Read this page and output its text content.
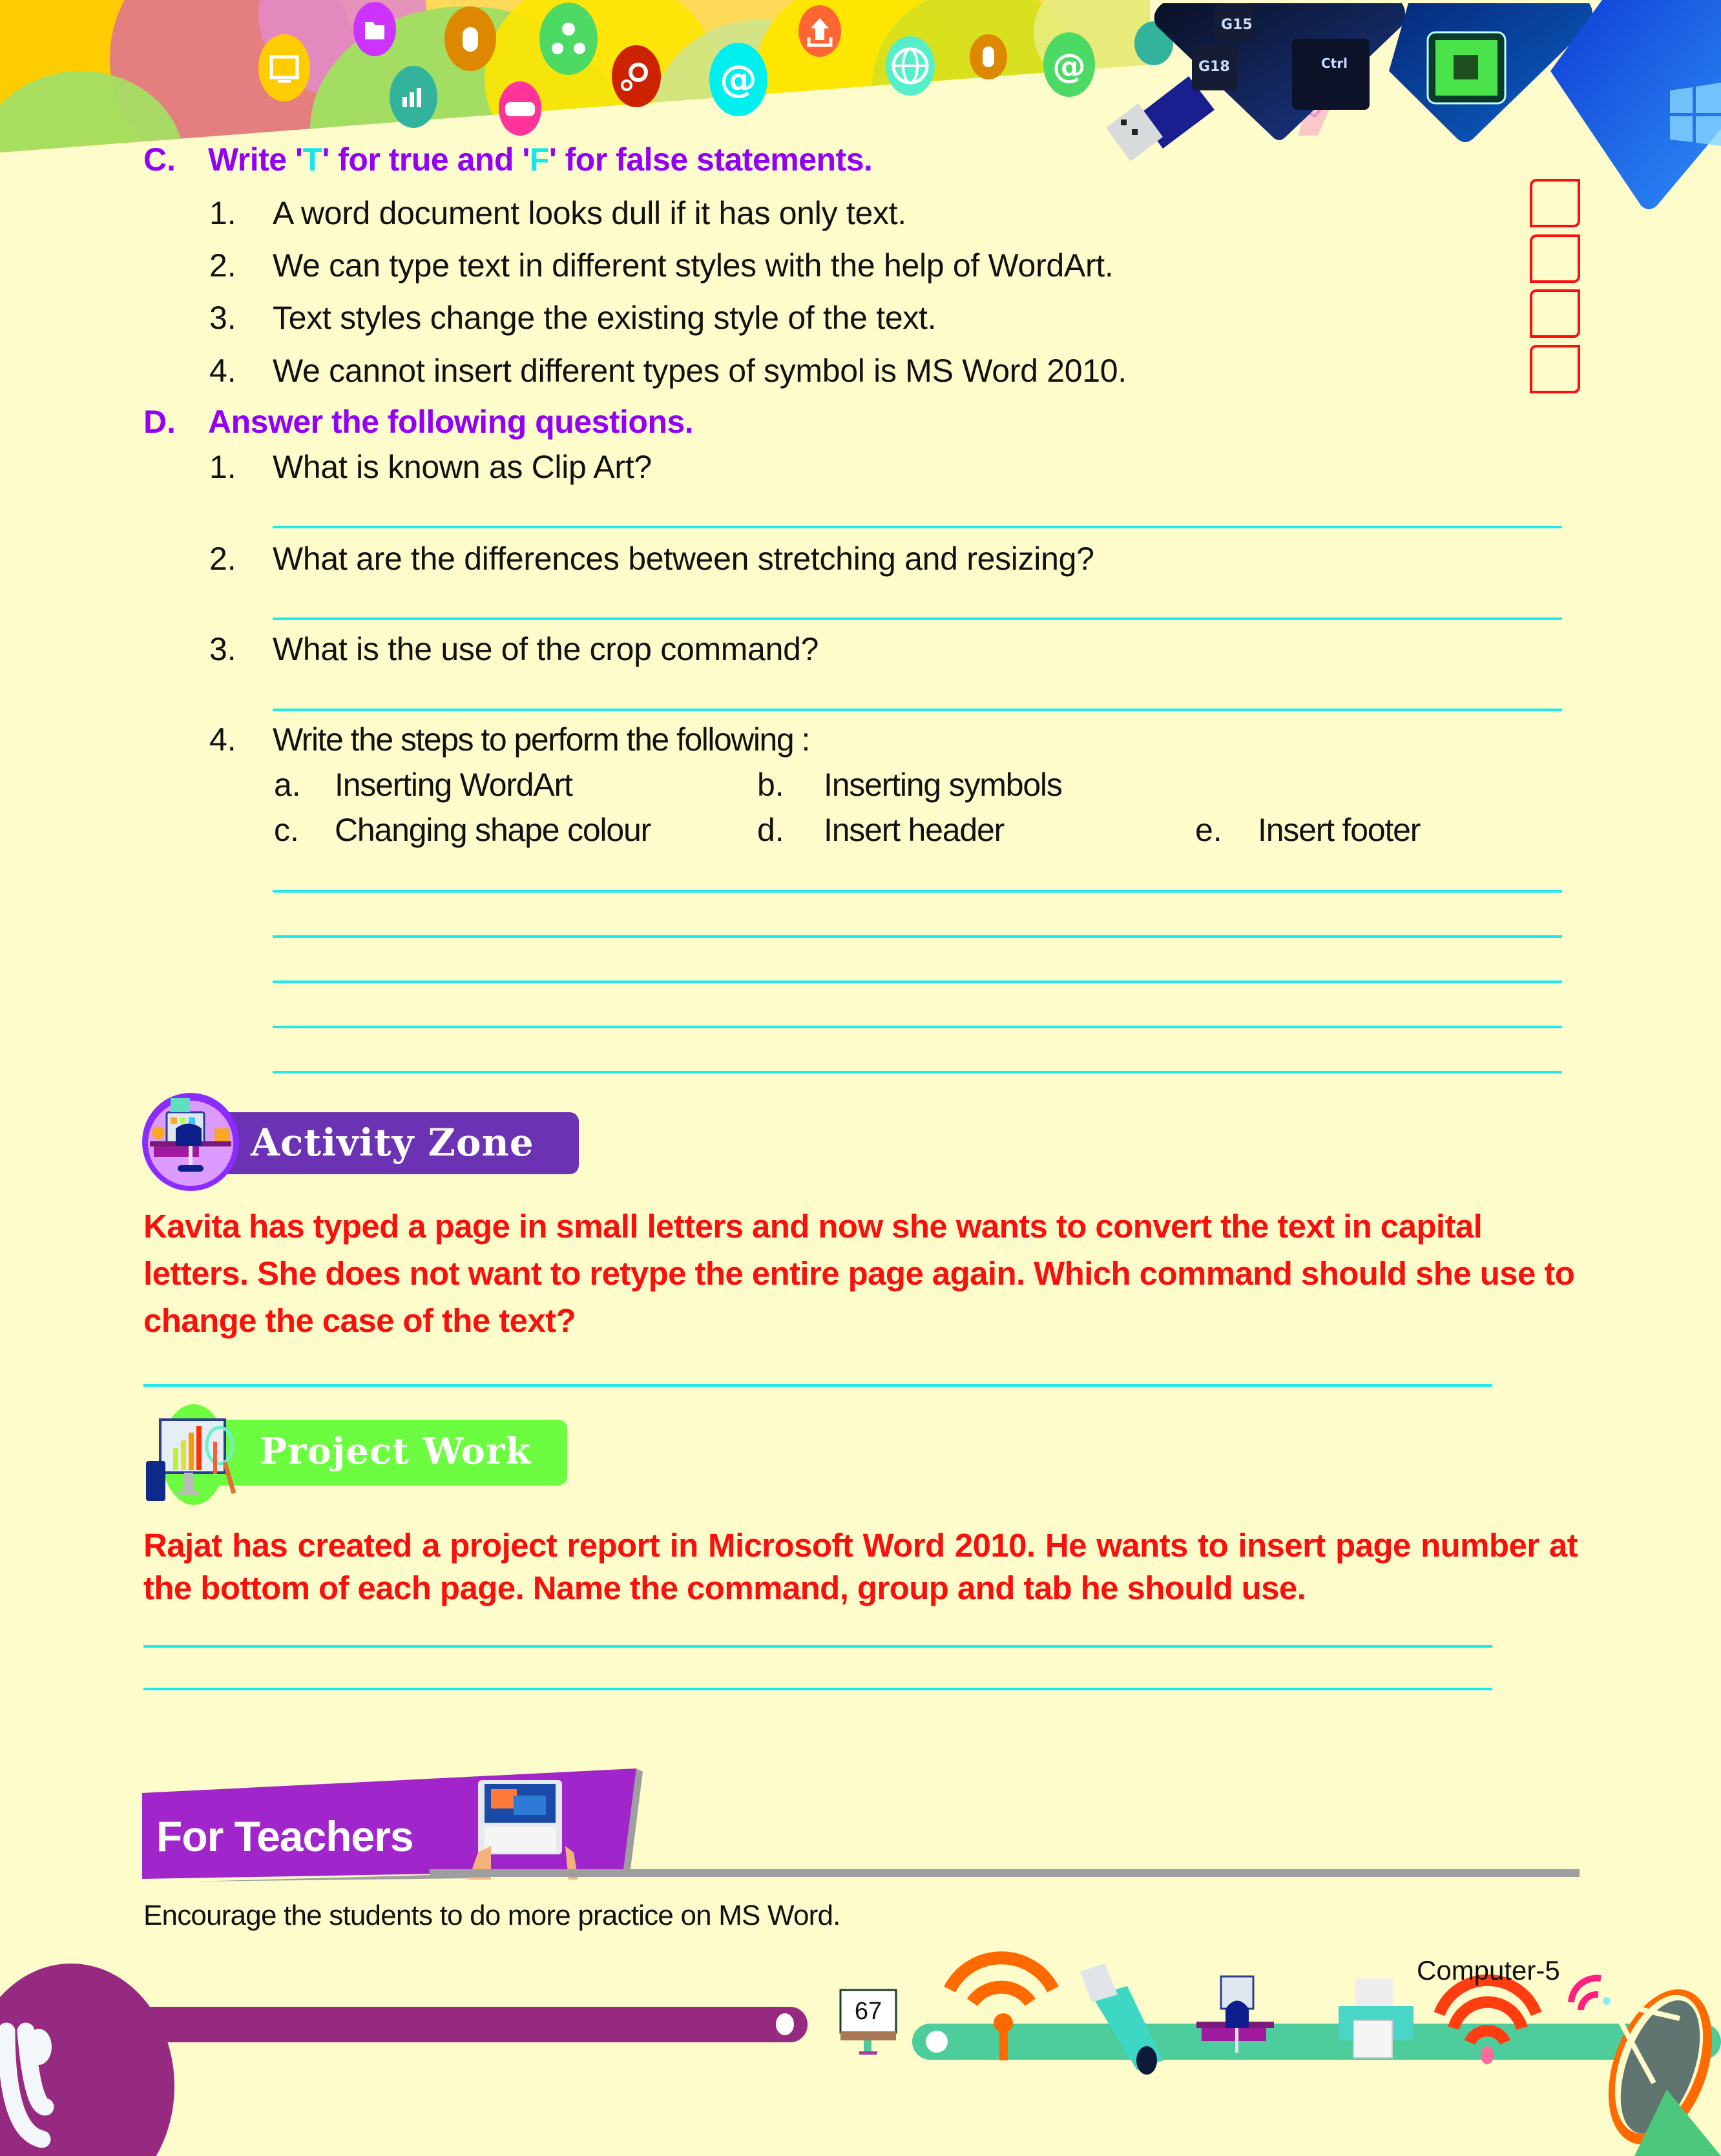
@	@
G15
G18	Ctrl
C. Write 'T' for true and 'F' for false statements.
1. A word document looks dull if it has only text.
2. We can type text in different styles with the help of WordArt.
3. Text styles change the existing style of the text.
4. We cannot insert different types of symbol is MS Word 2010.
D. Answer the following questions.
1. What is known as Clip Art?
2. What are the differences between stretching and resizing?
3. What is the use of the crop command?
4. Write the steps to perform the following :
a. Inserting WordArt	b. Inserting symbols
c. Changing shape colour	d. Insert header	e. Insert footer
Activity Zone
Kavita has typed a page in small letters and now she wants to convert the text in capital letters. She does not want to retype the entire page again. Which command should she use to change the case of the text?
Project Work
Rajat has created a project report in Microsoft Word 2010. He wants to insert page number at the bottom of each page. Name the command, group and tab he should use.
For Teachers
Encourage the students to do more practice on MS Word.
67
Computer-5
